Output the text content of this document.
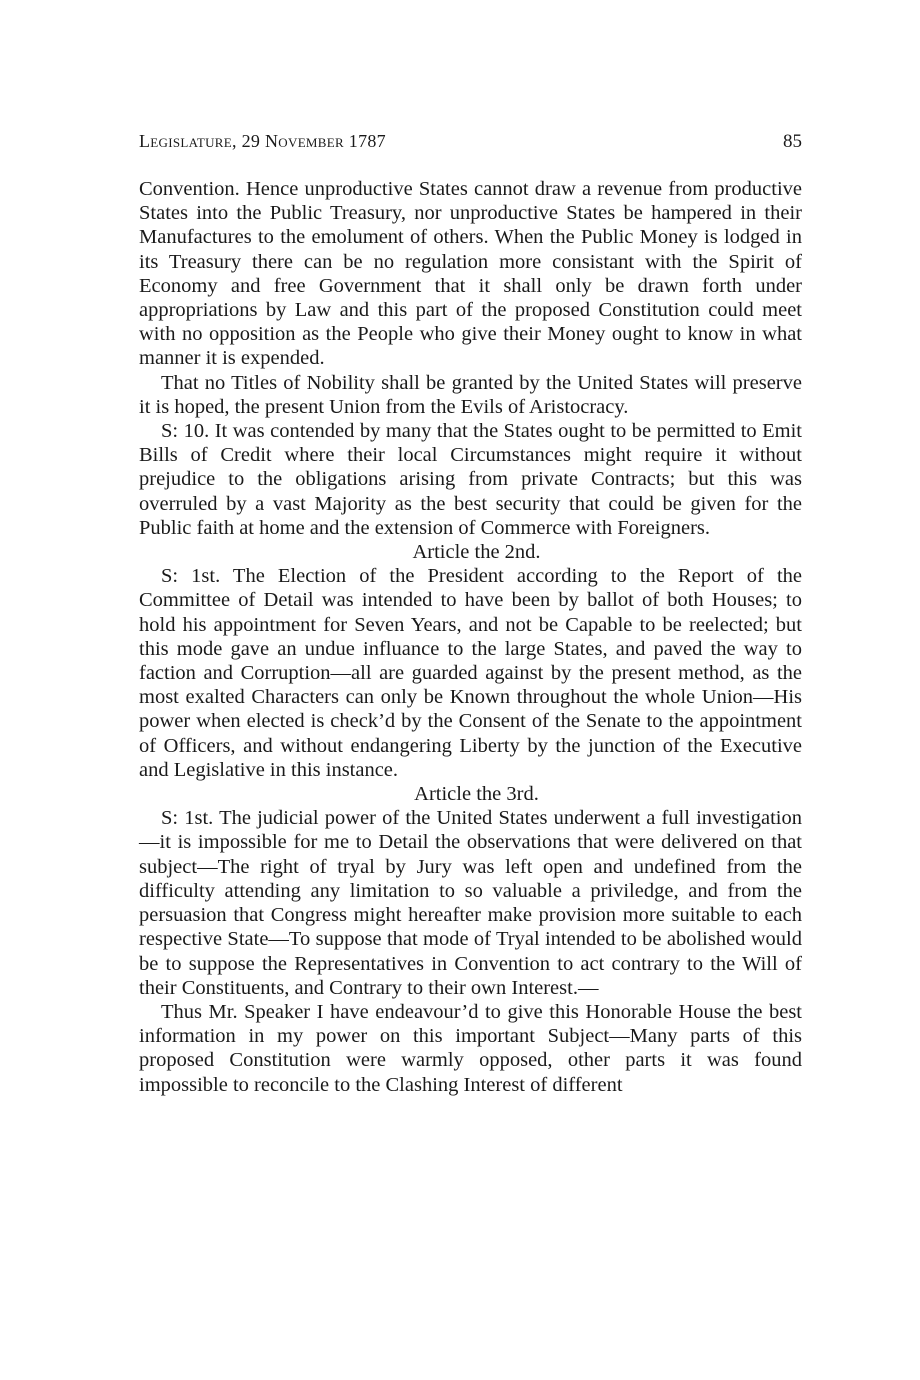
Legislature, 29 November 1787	85

Convention. Hence unproductive States cannot draw a revenue from productive States into the Public Treasury, nor unproductive States be hampered in their Manufactures to the emolument of others. When the Public Money is lodged in its Treasury there can be no regulation more consistant with the Spirit of Economy and free Government that it shall only be drawn forth under appropriations by Law and this part of the proposed Constitution could meet with no opposition as the People who give their Money ought to know in what manner it is expended.

That no Titles of Nobility shall be granted by the United States will preserve it is hoped, the present Union from the Evils of Aristocracy.

S: 10. It was contended by many that the States ought to be permitted to Emit Bills of Credit where their local Circumstances might require it without prejudice to the obligations arising from private Contracts; but this was overruled by a vast Majority as the best security that could be given for the Public faith at home and the extension of Commerce with Foreigners.

Article the 2nd.

S: 1st. The Election of the President according to the Report of the Committee of Detail was intended to have been by ballot of both Houses; to hold his appointment for Seven Years, and not be Capable to be reelected; but this mode gave an undue influance to the large States, and paved the way to faction and Corruption—all are guarded against by the present method, as the most exalted Characters can only be Known throughout the whole Union—His power when elected is check’d by the Consent of the Senate to the appointment of Officers, and without endangering Liberty by the junction of the Executive and Legislative in this instance.

Article the 3rd.

S: 1st. The judicial power of the United States underwent a full investigation—it is impossible for me to Detail the observations that were delivered on that subject—The right of tryal by Jury was left open and undefined from the difficulty attending any limitation to so valuable a priviledge, and from the persuasion that Congress might hereafter make provision more suitable to each respective State—To suppose that mode of Tryal intended to be abolished would be to suppose the Representatives in Convention to act contrary to the Will of their Constituents, and Contrary to their own Interest.—

Thus Mr. Speaker I have endeavour’d to give this Honorable House the best information in my power on this important Subject—Many parts of this proposed Constitution were warmly opposed, other parts it was found impossible to reconcile to the Clashing Interest of different
